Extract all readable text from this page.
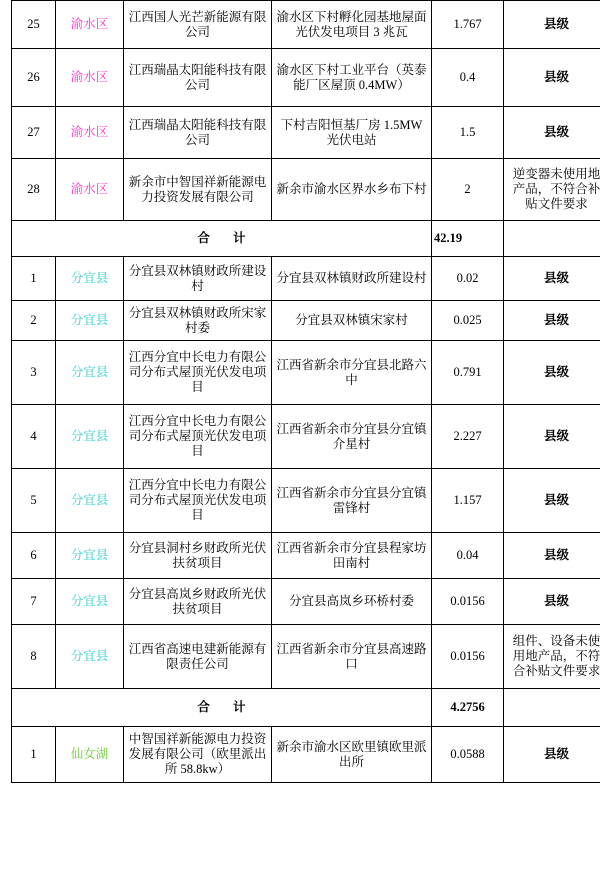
25	渝水区	江西国人光芒新能源有限公司	渝水区下村孵化园基地屋面光伏发电项目 3 兆瓦	1.767	县级
26	渝水区	江西瑞晶太阳能科技有限公司	渝水区下村工业平台（英泰能厂区屋顶 0.4MW）	0.4	县级
27	渝水区	江西瑞晶太阳能科技有限公司	下村吉阳恒基厂房 1.5MW 光伏电站	1.5	县级
28	渝水区	新余市中智国祥新能源电力投资发展有限公司	新余市渝水区界水乡布下村	2	逆变器未使用地产品，不符合补贴文件要求
合 计				42.19	
1	分宜县	分宜县双林镇财政所建设村	分宜县双林镇财政所建设村	0.02	县级
2	分宜县	分宜县双林镇财政所宋家村委	分宜县双林镇宋家村	0.025	县级
3	分宜县	江西分宜中长电力有限公司分布式屋顶光伏发电项目	江西省新余市分宜县北路六中	0.791	县级
4	分宜县	江西分宜中长电力有限公司分布式屋顶光伏发电项目	江西省新余市分宜县分宜镇介星村	2.227	县级
5	分宜县	江西分宜中长电力有限公司分布式屋顶光伏发电项目	江西省新余市分宜县分宜镇雷锋村	1.157	县级
6	分宜县	分宜县洞村乡财政所光伏扶贫项目	江西省新余市分宜县程家坊田南村	0.04	县级
7	分宜县	分宜县高岚乡财政所光伏扶贫项目	分宜县高岚乡环桥村委	0.0156	县级
8	分宜县	江西省高速电建新能源有限责任公司	江西省新余市分宜县高速路口	0.0156	组件、设备未使用地产品，不符合补贴文件要求
合 计				4.2756	
1	仙女湖	中智国祥新能源电力投资发展有限公司（欧里派出所 58.8kw）	新余市渝水区欧里镇欧里派出所	0.0588	县级
